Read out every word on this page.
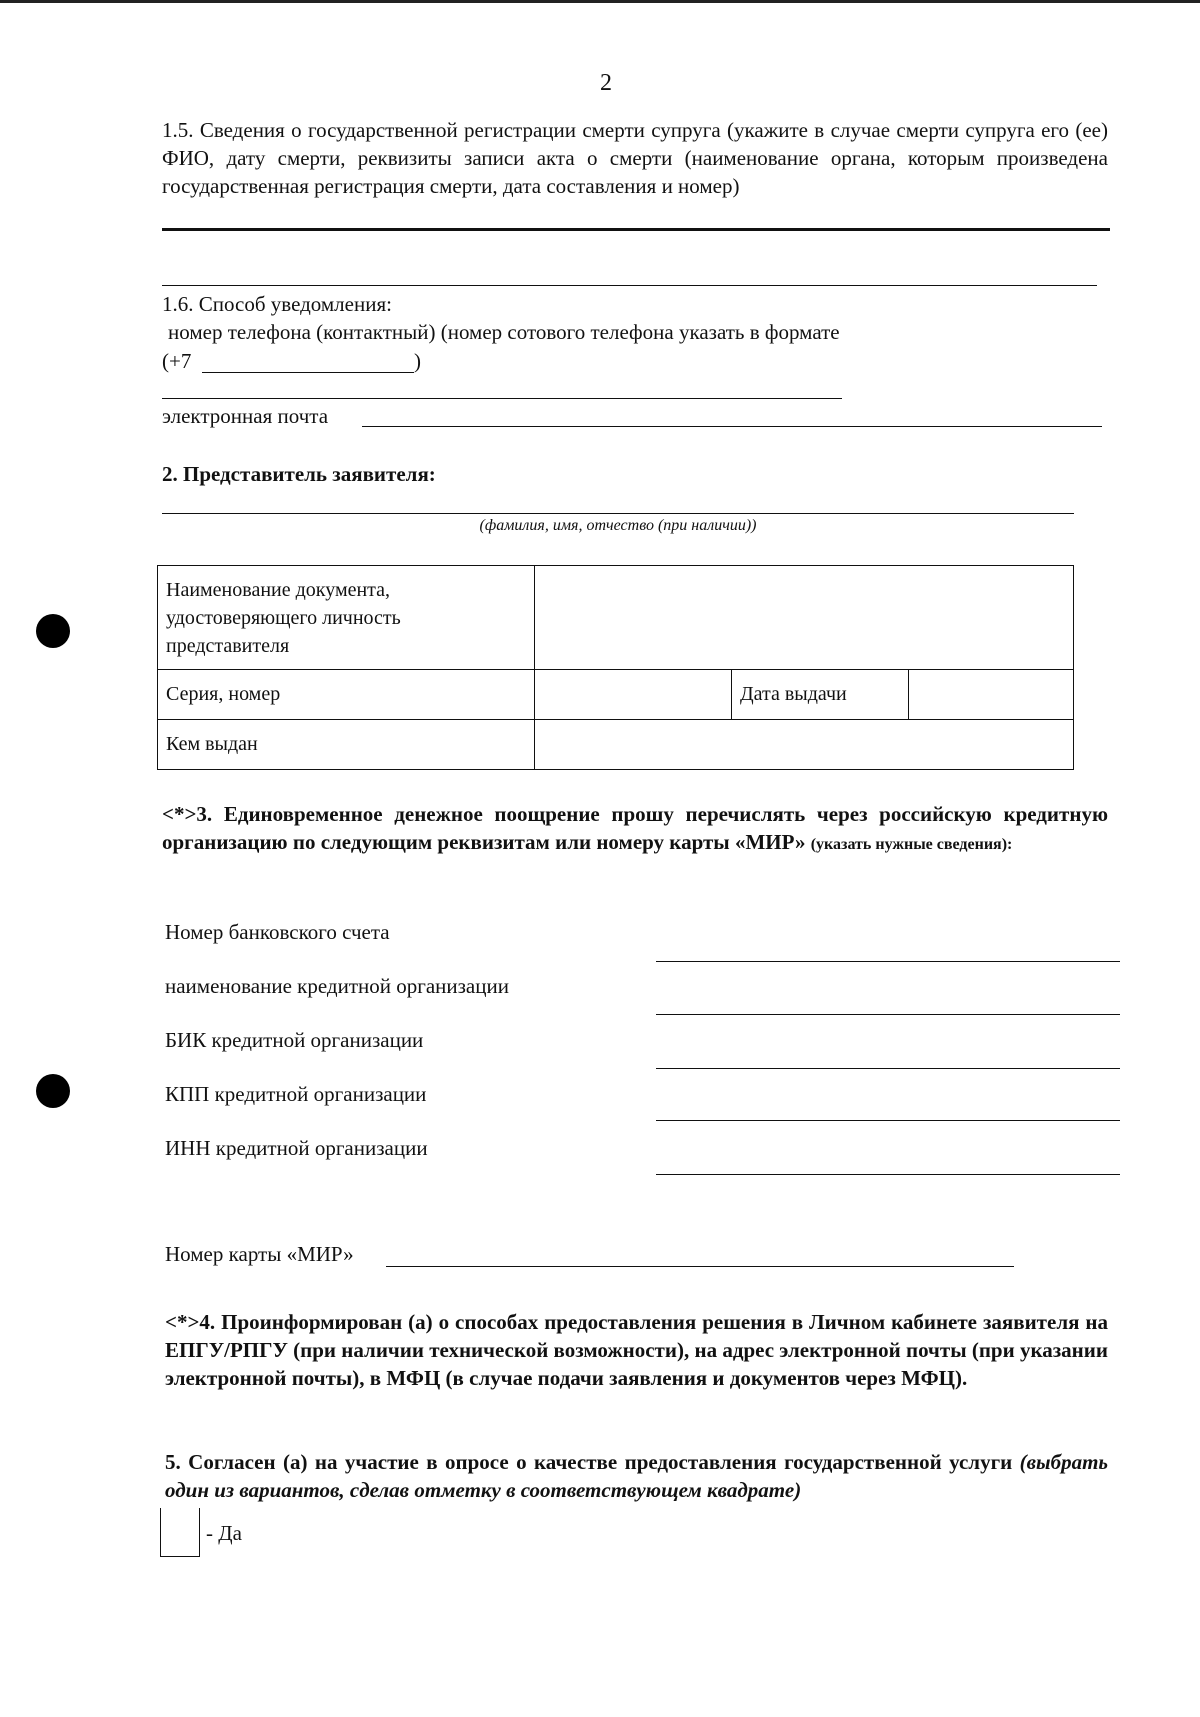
2
1.5. Сведения о государственной регистрации смерти супруга (укажите в случае смерти супруга его (ее) ФИО, дату смерти, реквизиты записи акта о смерти (наименование органа, которым произведена государственная регистрация смерти, дата составления и номер)
1.6. Способ уведомления:
номер телефона (контактный) (номер сотового телефона указать в формате
(+7	)
электронная почта
2. Представитель заявителя:
(фамилия, имя, отчество (при наличии))
Наименование документа, удостоверяющего личность представителя			
Серия, номер		Дата выдачи	
Кем выдан			
<*>3. Единовременное денежное поощрение прошу перечислять через российскую кредитную организацию по следующим реквизитам или номеру карты «МИР» (указать нужные сведения):
Номер банковского счета
наименование кредитной организации
БИК кредитной организации
КПП кредитной организации
ИНН кредитной организации
Номер карты «МИР»
<*>4. Проинформирован (а) о способах предоставления решения в Личном кабинете заявителя на ЕПГУ/РПГУ (при наличии технической возможности), на адрес электронной почты (при указании электронной почты), в МФЦ (в случае подачи заявления и документов через МФЦ).
5. Согласен (а) на участие в опросе о качестве предоставления государственной услуги (выбрать один из вариантов, сделав отметку в соответствующем квадрате)
- Да
